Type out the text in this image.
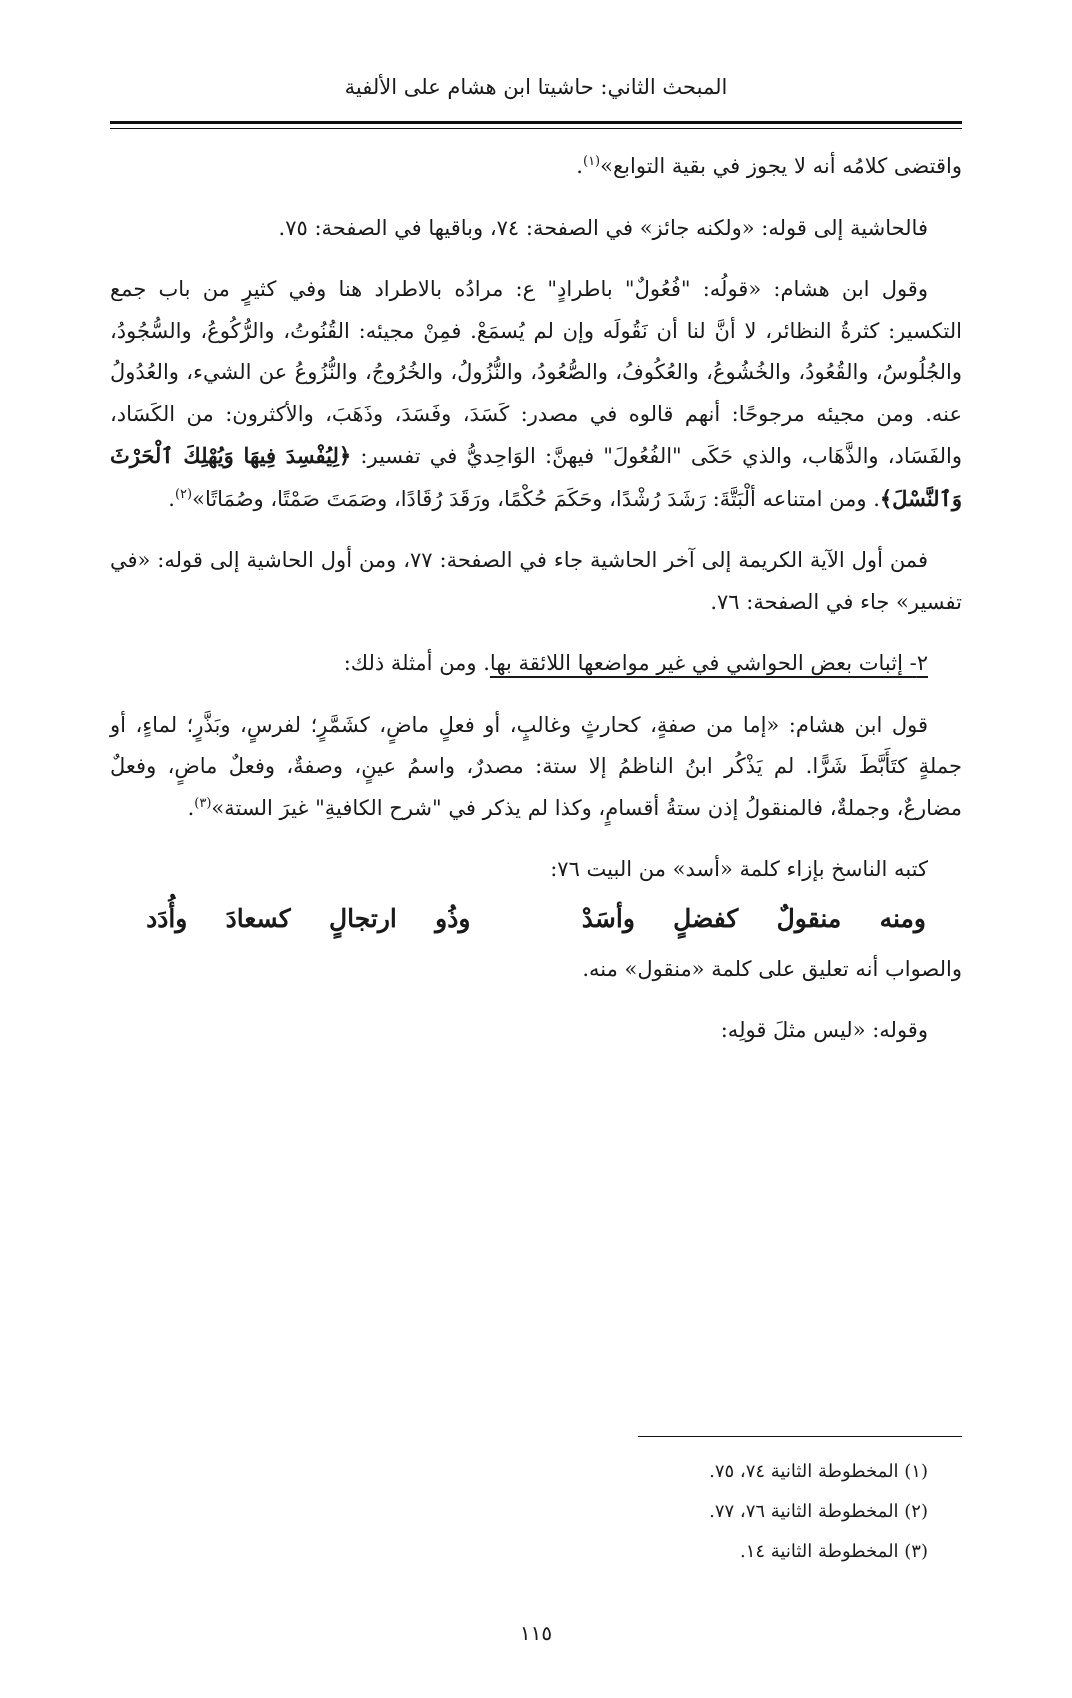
المبحث الثاني: حاشيتا ابن هشام على الألفية

واقتضى كلامُه أنه لا يجوز في بقية التوابع»$^{(١)}$.

فالحاشية إلى قوله: «ولكنه جائز» في الصفحة: ٧٤، وباقيها في الصفحة: ٧٥.

وقول ابن هشام: «قولُه: "فُعُولٌ" باطرادٍ" ع: مرادُه بالاطراد هنا وفي كثيرٍ من باب جمع التكسير: كثرةُ النظائر، لا أنَّ لنا أن نَقُولَه وإن لم يُسمَعْ. فمِنْ مجيئه: القُنُوتُ، والرُّكُوعُ، والسُّجُودُ، والجُلُوسُ، والقُعُودُ، والخُشُوعُ، والعُكُوفُ، والصُّعُودُ، والنُّزُولُ، والخُرُوجُ، والنُّزُوعُ عن الشيء، والعُدُولُ عنه. ومن مجيئه مرجوحًا: أنهم قالوه في مصدر: كَسَدَ، وفَسَدَ، وذَهَبَ، والأكثرون: من الكَسَاد، والفَسَاد، والذَّهَاب، والذي حَكَى "الفُعُولَ" فيهنَّ: الوَاحِديُّ في تفسير: ﴿لِيُفْسِدَ فِيهَا وَيُهْلِكَ ٱلْحَرْثَ وَٱلنَّسْلَ﴾. ومن امتناعه ألْبَتَّةَ: رَشَدَ رُشْدًا، وحَكَمَ حُكْمًا، ورَقَدَ رُقَادًا، وصَمَتَ صَمْتًا، وصُمَاتًا»$^{(٢)}$.

فمن أول الآية الكريمة إلى آخر الحاشية جاء في الصفحة: ٧٧، ومن أول الحاشية إلى قوله: «في تفسير» جاء في الصفحة: ٧٦.

٢- إثبات بعض الحواشي في غير مواضعها اللائقة بها. ومن أمثلة ذلك:

قول ابن هشام: «إما من صفةٍ، كحارثٍ وغالبٍ، أو فعلٍ ماضٍ، كشَمَّرٍ؛ لفرسٍ، وبَذَّرٍ؛ لماءٍ، أو جملةٍ كتَأَبَّطَ شَرًّا. لم يَذْكُر ابنُ الناظمُ إلا ستة: مصدرٌ، واسمُ عينٍ، وصفةٌ، وفعلٌ ماضٍ، وفعلٌ مضارعٌ، وجملةٌ، فالمنقولُ إذن ستةُ أقسامٍ، وكذا لم يذكر في "شرح الكافيةِ" غيرَ الستة»$^{(٣)}$.

كتبه الناسخ بإزاء كلمة «أسد» من البيت ٧٦:

ومنه
منقولٌ
كفضلٍ
وأسَدْ

وذُو
ارتجالٍ
كسعادَ
وأُدَد

والصواب أنه تعليق على كلمة «منقول» منه.

وقوله: «ليس مثلَ قولِه:

(١) المخطوطة الثانية ٧٤، ٧٥.
(٢) المخطوطة الثانية ٧٦، ٧٧.
(٣) المخطوطة الثانية ١٤.
١١٥
